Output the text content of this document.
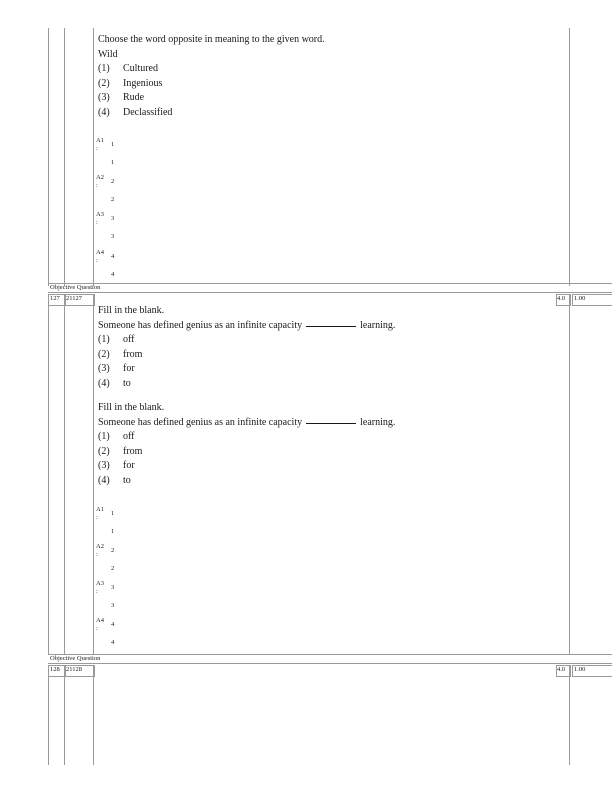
Choose the word opposite in meaning to the given word.
Wild
(1) Cultured
(2) Ingenious
(3) Rude
(4) Declassified
A1
:
1
1
A2
:
2
2
A3
:
3
3
A4
:
4
4
Objective Question
127 21127	4.0 1.00
Fill in the blank.
Someone has defined genius as an infinite capacity	learning.
(1) off
(2) from
(3) for
(4) to
Fill in the blank.
Someone has defined genius as an infinite capacity	learning.
(1) off
(2) from
(3) for
(4) to
A1
:
1
1
A2
:
2
2
A3
:
3
3
A4
:
4
4
Objective Question
128 21128	4.0 1.00
